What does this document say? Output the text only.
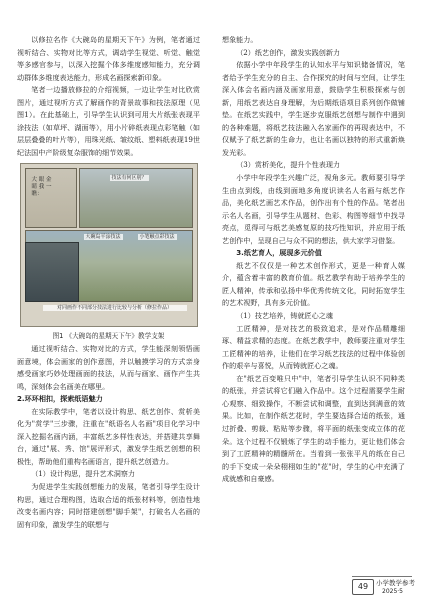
以修拉名作《大碗岛的星期天下午》为例，笔者通过视听结合、实物对比等方式，调动学生视觉、听觉、触觉等多感官参与，以深入挖掘个体多维度感知能力，充分调动群体多维度表达能力，形成名画探索新印象。

笔者一边播放修拉的介绍视频，一边让学生对比欣赏图片，通过视听方式了解画作的背景故事和技法原理（见图1）。在此基础上，引导学生认识到可用大片纸张表现平涂技法（如草坪、湖面等），用小片碎纸表现点彩笔触（如层层叠叠的叶片等），用珠光纸、皱纹纸、塑料纸表现19世纪法国中产阶级复杂服饰的细节效果。

大眼金睛我一瞧：
技法有何区别？
大碗岛平涂技法	小笔触点彩技法
对同画作不同部分技法进行比较与分析（修拉作品）

图1 《大碗岛的星期天下午》教学支架

通过视听结合、实物对比的方式，学生能深刻领悟画面意境，体会画家的创作意图，并以触摸学习的方式亲身感受画家巧妙处理画面的技法，从而与画家、画作产生共鸣，深刻体会名画美在哪里。

2.环环相扣，探索纸语魅力

在实际教学中，笔者以设计构思、纸艺创作、赏析美化为"赏学"三步骤，注重在"纸语名人名画"项目化学习中深入挖掘名画内涵，丰富纸艺多样性表达，并搭建共享舞台，通过"展、秀、馆"展评形式，激发学生纸艺创想的积极性，帮助他们重构名画语言，提升纸艺创造力。

（1）设计构思，提升艺术洞察力

为促进学生实践创想能力的发展，笔者引导学生设计构思，通过合理构图，选取合适的纸张材料等，创造性地改变名画内容；同时搭建创想"脚手架"，打破名人名画的固有印象，激发学生的联想与

想象能力。

（2）纸艺创作，激发实践创新力

依据小学中年段学生的认知水平与知识储备情况，笔者给予学生充分的自主、合作探究的时间与空间，让学生深入体会名画内涵及画家用意，鼓励学生积极探索与创新，用纸艺表达自身理解，为后期纸语项目系列创作做铺垫。在纸艺实践中，学生逐步克服纸艺创想与制作中遇到的各种难题，将纸艺技法融入名家画作的再现表达中，不仅赋予了纸艺新的生命力，也让名画以独特的形式重新焕发光彩。

（3）赏析美化，提升个性表现力

小学中年段学生兴趣广泛，视角多元。教师要引导学生由点到线，由线到面地多角度识读名人名画与纸艺作品，美化纸艺画艺术作品，创作出有个性的作品。笔者出示名人名画，引导学生从题材、色彩、构图等细节中找寻亮点，觅得可与纸艺美感复原的技巧性知识，并应用于纸艺创作中，呈现自己与众不同的想法，供大家学习借鉴。

3.纸艺育人，展现多元价值

纸艺不仅仅是一种艺术创作形式，更是一种育人媒介，蕴含着丰富的教育价值。纸艺教学有助于培养学生的匠人精神，传承和弘扬中华优秀传统文化，同时拓宽学生的艺术视野，具有多元价值。

（1）技艺培养，铸就匠心之魂

工匠精神，是对技艺的极致追求，是对作品精雕细琢、精益求精的态度。在纸艺教学中，教师要注重对学生工匠精神的培养，让他们在学习纸艺技法的过程中体验创作的艰辛与喜悦，从而铸就匠心之魂。

在"纸艺百变唯只中"中，笔者引导学生认识不同种类的纸张，并尝试将它们融入作品中。这个过程需要学生耐心观察、细致操作，不断尝试和调整，直到达到满意的效果。比如，在制作纸艺花时，学生要选择合适的纸张，通过折叠、剪裁、粘贴等步骤，将平面的纸张变成立体的花朵。这个过程不仅锻炼了学生的动手能力，更让他们体会到了工匠精神的精髓所在。当看到一张张平凡的纸在自己的手下变成一朵朵栩栩如生的"花"时，学生的心中充满了成就感和自豪感。

49	小学教学参考
2025·5
